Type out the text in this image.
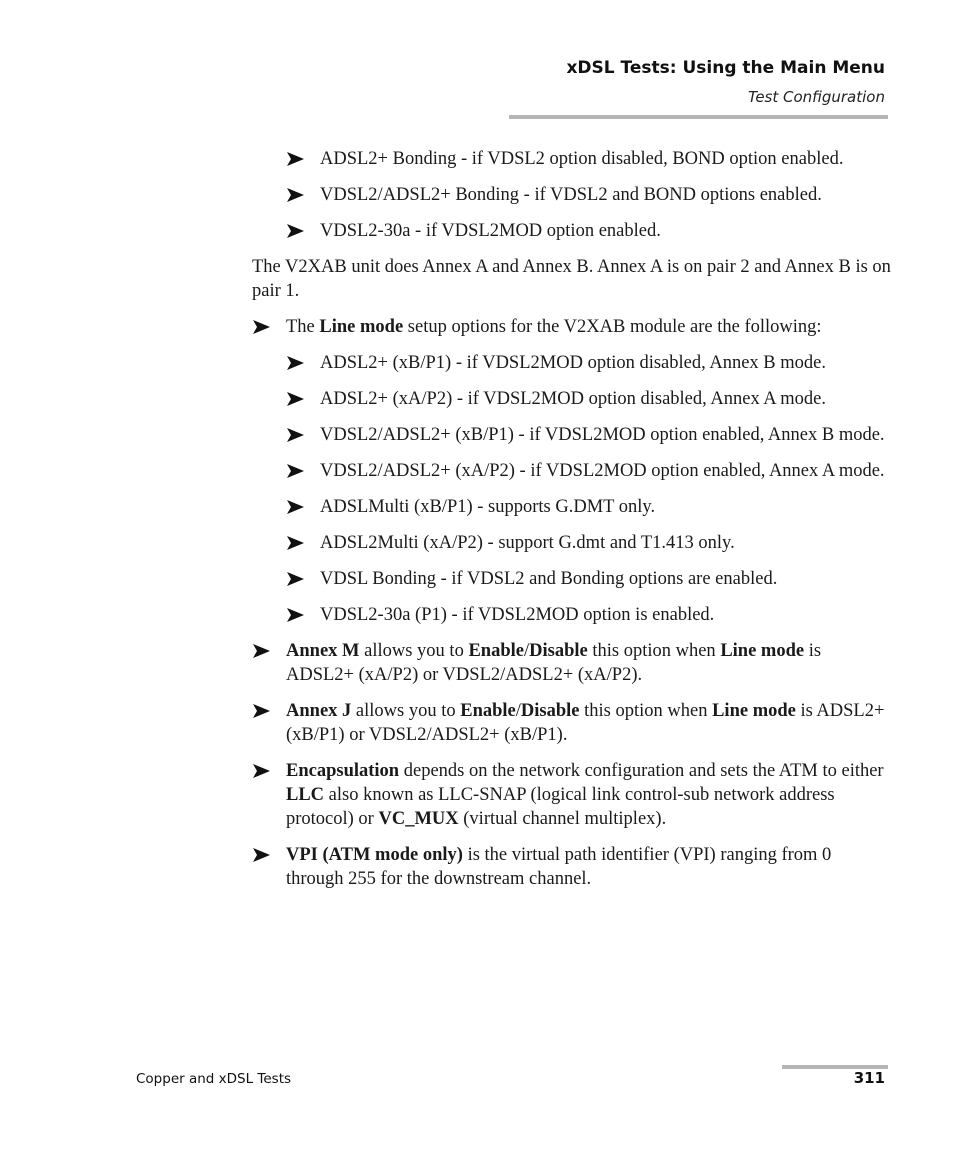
xDSL Tests: Using the Main Menu
Test Configuration
ADSL2+ Bonding - if VDSL2 option disabled, BOND option enabled.
VDSL2/ADSL2+ Bonding - if VDSL2 and BOND options enabled.
VDSL2-30a - if VDSL2MOD option enabled.
The V2XAB unit does Annex A and Annex B. Annex A is on pair 2 and Annex B is on pair 1.
The Line mode setup options for the V2XAB module are the following:
ADSL2+ (xB/P1) - if VDSL2MOD option disabled, Annex B mode.
ADSL2+ (xA/P2) - if VDSL2MOD option disabled, Annex A mode.
VDSL2/ADSL2+ (xB/P1) - if VDSL2MOD option enabled, Annex B mode.
VDSL2/ADSL2+ (xA/P2) - if VDSL2MOD option enabled, Annex A mode.
ADSLMulti (xB/P1) - supports G.DMT only.
ADSL2Multi (xA/P2) - support G.dmt and T1.413 only.
VDSL Bonding - if VDSL2 and Bonding options are enabled.
VDSL2-30a (P1) - if VDSL2MOD option is enabled.
Annex M allows you to Enable/Disable this option when Line mode is ADSL2+ (xA/P2) or VDSL2/ADSL2+ (xA/P2).
Annex J allows you to Enable/Disable this option when Line mode is ADSL2+ (xB/P1) or VDSL2/ADSL2+ (xB/P1).
Encapsulation depends on the network configuration and sets the ATM to either LLC also known as LLC-SNAP (logical link control-sub network address protocol) or VC_MUX (virtual channel multiplex).
VPI (ATM mode only) is the virtual path identifier (VPI) ranging from 0 through 255 for the downstream channel.
Copper and xDSL Tests	311
